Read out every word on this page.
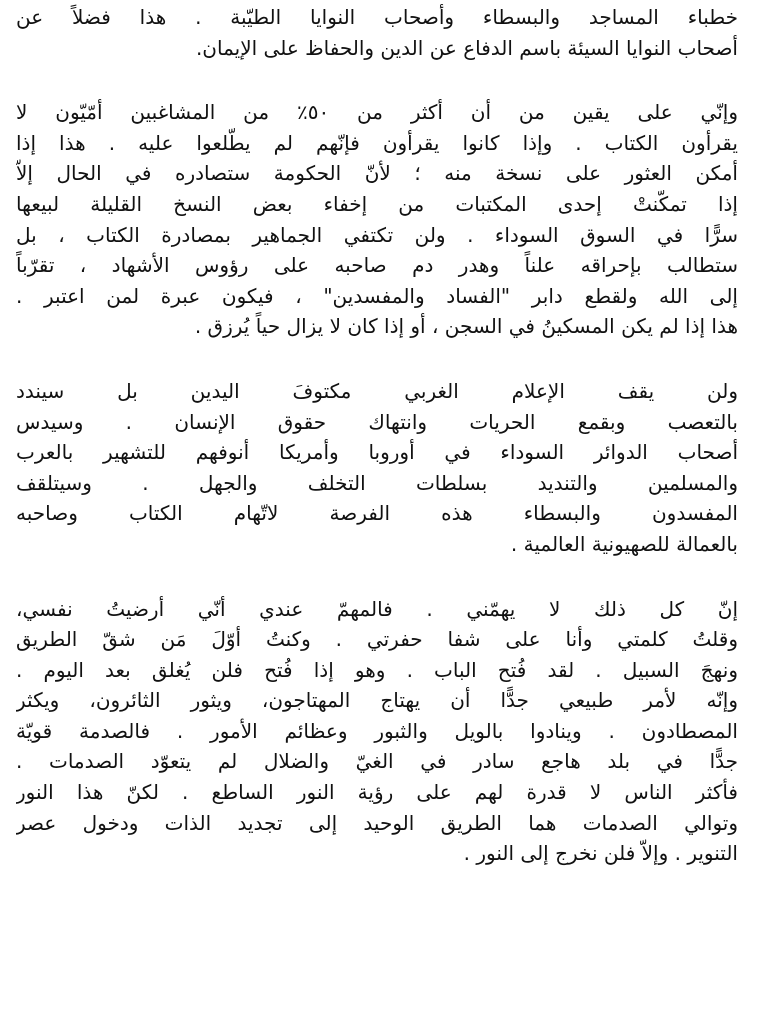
خطباء المساجد والبسطاء وأصحاب النوايا الطيّبة . هذا فضلاً عن
أصحاب النوايا السيئة باسم الدفاع عن الدين والحفاظ على الإيمان.
وإنّي على يقين من أن أكثر من ٥٠٪ من المشاغبين أمّيّون لا
يقرأون الكتاب . وإذا كانوا يقرأون فإنّهم لم يطّلعوا عليه . هذا إذا
أمكن العثور على نسخة منه ؛ لأنّ الحكومة ستصادره في الحال إلاّ
إذا تمكّنتْ إحدى المكتبات من إخفاء بعض النسخ القليلة لبيعها
سرًّا في السوق السوداء . ولن تكتفي الجماهير بمصادرة الكتاب ، بل
ستطالب بإحراقه علناً وهدر دم صاحبه على رؤوس الأشهاد ، تقرّباً
إلى الله ولقطع دابر "الفساد والمفسدين" ، فيكون عبرة لمن اعتبر .
هذا إذا لم يكن المسكينُ في السجن ، أو إذا كان لا يزال حياً يُرزق .
ولن يقف الإعلام الغربي مكتوفَ اليدين بل سيندد
بالتعصب وبقمع الحريات وانتهاك حقوق الإنسان . وسيدس
أصحاب الدوائر السوداء في أوروبا وأمريكا أنوفهم للتشهير بالعرب
والمسلمين والتنديد بسلطات التخلف والجهل . وسيتلقف
المفسدون والبسطاء هذه الفرصة لاتّهام الكتاب وصاحبه
بالعمالة للصهيونية العالمية .
إنّ كل ذلك لا يهمّني . فالمهمّ عندي أنّي أرضيتُ نفسي،
وقلتُ كلمتي وأنا على شفا حفرتي . وكنتُ أوّلَ مَن شقّ الطريق
ونهجَ السبيل . لقد فُتح الباب . وهو إذا فُتح فلن يُغلق بعد اليوم .
وإنّه لأمر طبيعي جدًّا أن يهتاج المهتاجون، ويثور الثائرون، ويكثر
المصطادون . وينادوا بالويل والثبور وعظائم الأمور . فالصدمة قويّة
جدًّا في بلد هاجع سادر في الغيّ والضلال لم يتعوّد الصدمات .
فأكثر الناس لا قدرة لهم على رؤية النور الساطع . لكنّ هذا النور
وتوالي الصدمات هما الطريق الوحيد إلى تجديد الذات ودخول عصر
التنوير . وإلاّ فلن نخرج إلى النور .
